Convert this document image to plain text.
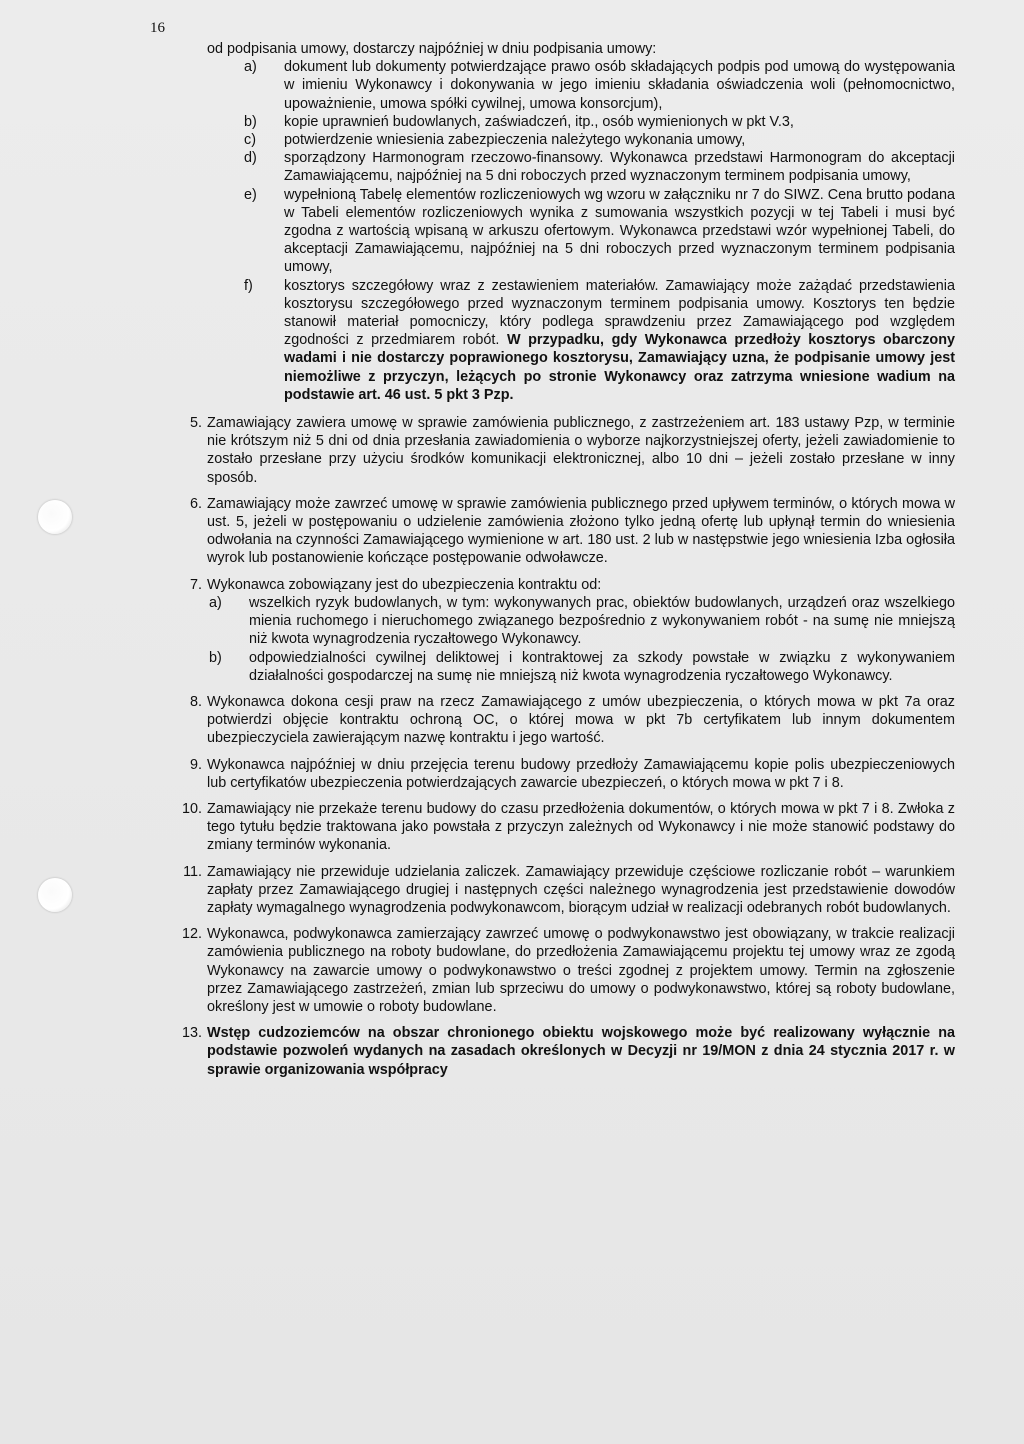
16

od podpisania umowy, dostarczy najpóźniej w dniu podpisania umowy:

a) dokument lub dokumenty potwierdzające prawo osób składających podpis pod umową do występowania w imieniu Wykonawcy i dokonywania w jego imieniu składania oświadczenia woli (pełnomocnictwo, upoważnienie, umowa spółki cywilnej, umowa konsorcjum),

b) kopie uprawnień budowlanych, zaświadczeń, itp., osób wymienionych w pkt V.3,

c) potwierdzenie wniesienia zabezpieczenia należytego wykonania umowy,

d) sporządzony Harmonogram rzeczowo-finansowy. Wykonawca przedstawi Harmonogram do akceptacji Zamawiającemu, najpóźniej na 5 dni roboczych przed wyznaczonym terminem podpisania umowy,

e) wypełnioną Tabelę elementów rozliczeniowych wg wzoru w załączniku nr 7 do SIWZ. Cena brutto podana w Tabeli elementów rozliczeniowych wynika z sumowania wszystkich pozycji w tej Tabeli i musi być zgodna z wartością wpisaną w arkuszu ofertowym. Wykonawca przedstawi wzór wypełnionej Tabeli, do akceptacji Zamawiającemu, najpóźniej na 5 dni roboczych przed wyznaczonym terminem podpisania umowy,

f) kosztorys szczegółowy wraz z zestawieniem materiałów. Zamawiający może zażądać przedstawienia kosztorysu szczegółowego przed wyznaczonym terminem podpisania umowy. Kosztorys ten będzie stanowił materiał pomocniczy, który podlega sprawdzeniu przez Zamawiającego pod względem zgodności z przedmiarem robót. W przypadku, gdy Wykonawca przedłoży kosztorys obarczony wadami i nie dostarczy poprawionego kosztorysu, Zamawiający uzna, że podpisanie umowy jest niemożliwe z przyczyn, leżących po stronie Wykonawcy oraz zatrzyma wniesione wadium na podstawie art. 46 ust. 5 pkt 3 Pzp.

5. Zamawiający zawiera umowę w sprawie zamówienia publicznego, z zastrzeżeniem art. 183 ustawy Pzp, w terminie nie krótszym niż 5 dni od dnia przesłania zawiadomienia o wyborze najkorzystniejszej oferty, jeżeli zawiadomienie to zostało przesłane przy użyciu środków komunikacji elektronicznej, albo 10 dni – jeżeli zostało przesłane w inny sposób.

6. Zamawiający może zawrzeć umowę w sprawie zamówienia publicznego przed upływem terminów, o których mowa w ust. 5, jeżeli w postępowaniu o udzielenie zamówienia złożono tylko jedną ofertę lub upłynął termin do wniesienia odwołania na czynności Zamawiającego wymienione w art. 180 ust. 2 lub w następstwie jego wniesienia Izba ogłosiła wyrok lub postanowienie kończące postępowanie odwoławcze.

7. Wykonawca zobowiązany jest do ubezpieczenia kontraktu od:

a) wszelkich ryzyk budowlanych, w tym: wykonywanych prac, obiektów budowlanych, urządzeń oraz wszelkiego mienia ruchomego i nieruchomego związanego bezpośrednio z wykonywaniem robót - na sumę nie mniejszą niż kwota wynagrodzenia ryczałtowego Wykonawcy.

b) odpowiedzialności cywilnej deliktowej i kontraktowej za szkody powstałe w związku z wykonywaniem działalności gospodarczej na sumę nie mniejszą niż kwota wynagrodzenia ryczałtowego Wykonawcy.

8. Wykonawca dokona cesji praw na rzecz Zamawiającego z umów ubezpieczenia, o których mowa w pkt 7a oraz potwierdzi objęcie kontraktu ochroną OC, o której mowa w pkt 7b certyfikatem lub innym dokumentem ubezpieczyciela zawierającym nazwę kontraktu i jego wartość.

9. Wykonawca najpóźniej w dniu przejęcia terenu budowy przedłoży Zamawiającemu kopie polis ubezpieczeniowych lub certyfikatów ubezpieczenia potwierdzających zawarcie ubezpieczeń, o których mowa w pkt 7 i 8.

10. Zamawiający nie przekaże terenu budowy do czasu przedłożenia dokumentów, o których mowa w pkt 7 i 8. Zwłoka z tego tytułu będzie traktowana jako powstała z przyczyn zależnych od Wykonawcy i nie może stanowić podstawy do zmiany terminów wykonania.

11. Zamawiający nie przewiduje udzielania zaliczek. Zamawiający przewiduje częściowe rozliczanie robót – warunkiem zapłaty przez Zamawiającego drugiej i następnych części należnego wynagrodzenia jest przedstawienie dowodów zapłaty wymagalnego wynagrodzenia podwykonawcom, biorącym udział w realizacji odebranych robót budowlanych.

12. Wykonawca, podwykonawca zamierzający zawrzeć umowę o podwykonawstwo jest obowiązany, w trakcie realizacji zamówienia publicznego na roboty budowlane, do przedłożenia Zamawiającemu projektu tej umowy wraz ze zgodą Wykonawcy na zawarcie umowy o podwykonawstwo o treści zgodnej z projektem umowy. Termin na zgłoszenie przez Zamawiającego zastrzeżeń, zmian lub sprzeciwu do umowy o podwykonawstwo, której są roboty budowlane, określony jest w umowie o roboty budowlane.

13. Wstęp cudzoziemców na obszar chronionego obiektu wojskowego może być realizowany wyłącznie na podstawie pozwoleń wydanych na zasadach określonych w Decyzji nr 19/MON z dnia 24 stycznia 2017 r. w sprawie organizowania współpracy
